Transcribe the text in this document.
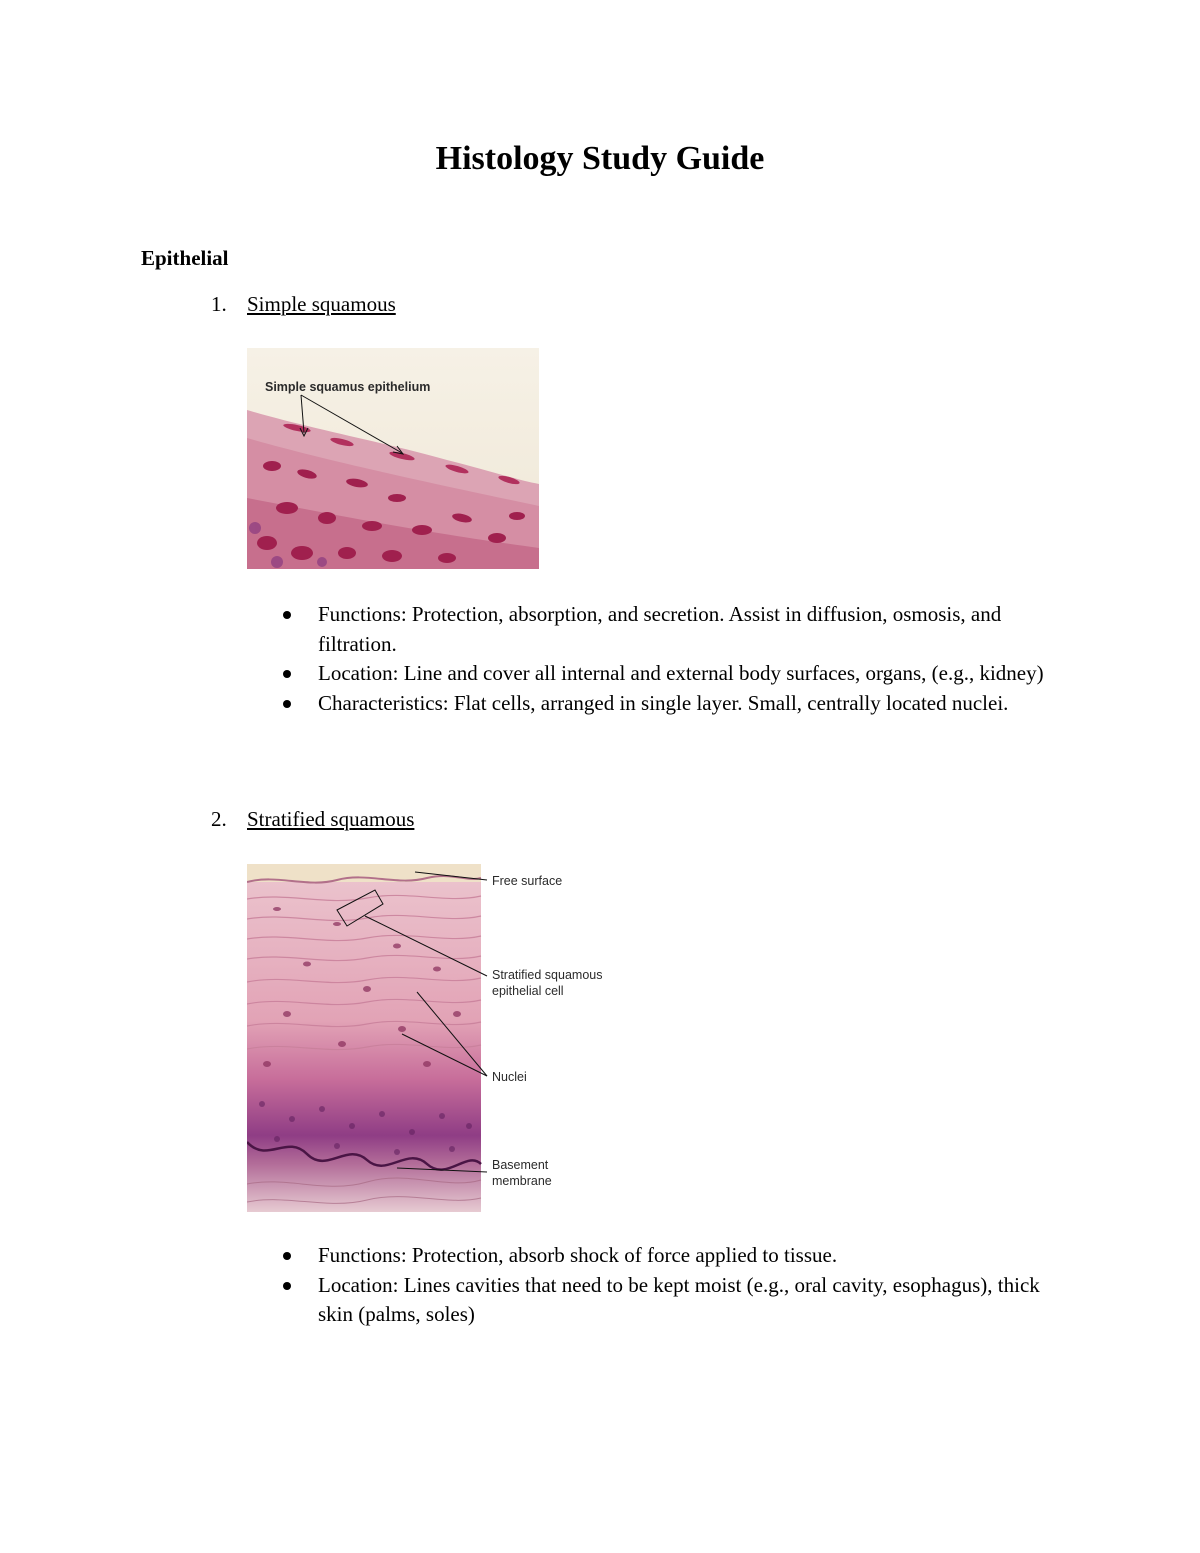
Histology Study Guide
Epithelial
1. Simple squamous
Simple squamus epithelium
Functions: Protection, absorption, and secretion. Assist in diffusion, osmosis, and filtration.
Location: Line and cover all internal and external body surfaces, organs, (e.g., kidney)
Characteristics: Flat cells, arranged in single layer. Small, centrally located nuclei.
2. Stratified squamous
Free surface
Stratified squamous
epithelial cell
Nuclei
Basement
membrane
Functions: Protection, absorb shock of force applied to tissue.
Location: Lines cavities that need to be kept moist (e.g., oral cavity, esophagus), thick skin (palms, soles)
